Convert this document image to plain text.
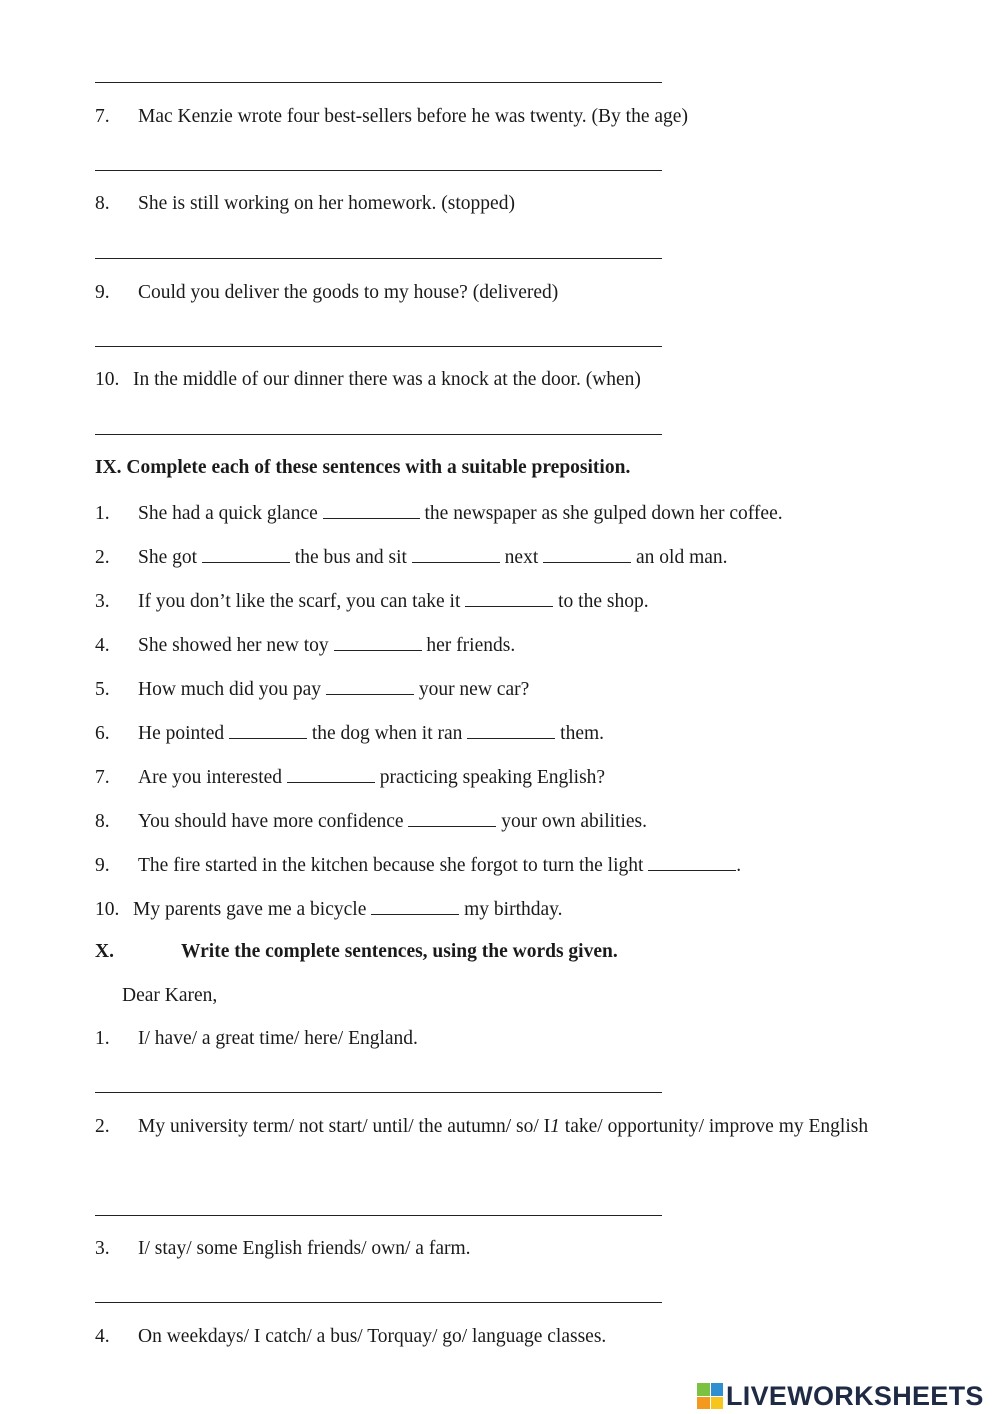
7. Mac Kenzie wrote four best-sellers before he was twenty. (By the age)
8. She is still working on her homework. (stopped)
9. Could you deliver the goods to my house? (delivered)
10. In the middle of our dinner there was a knock at the door. (when)
IX. Complete each of these sentences with a suitable preposition.
1. She had a quick glance	the newspaper as she gulped down her coffee.
2. She got	the bus and sit	next	an old man.
3. If you don’t like the scarf, you can take it	to the shop.
4. She showed her new toy	her friends.
5. How much did you pay	your new car?
6. He pointed	the dog when it ran	them.
7. Are you interested	practicing speaking English?
8. You should have more confidence	your own abilities.
9. The fire started in the kitchen because she forgot to turn the light	.
10. My parents gave me a bicycle	my birthday.
X.	Write the complete sentences, using the words given.
Dear Karen,
1. I/ have/ a great time/ here/ England.
2. My university term/ not start/ until/ the autumn/ so/ I1 take/ opportunity/ improve my English
3. I/ stay/ some English friends/ own/ a farm.
4. On weekdays/ I catch/ a bus/ Torquay/ go/ language classes.
LIVEWORKSHEETS
